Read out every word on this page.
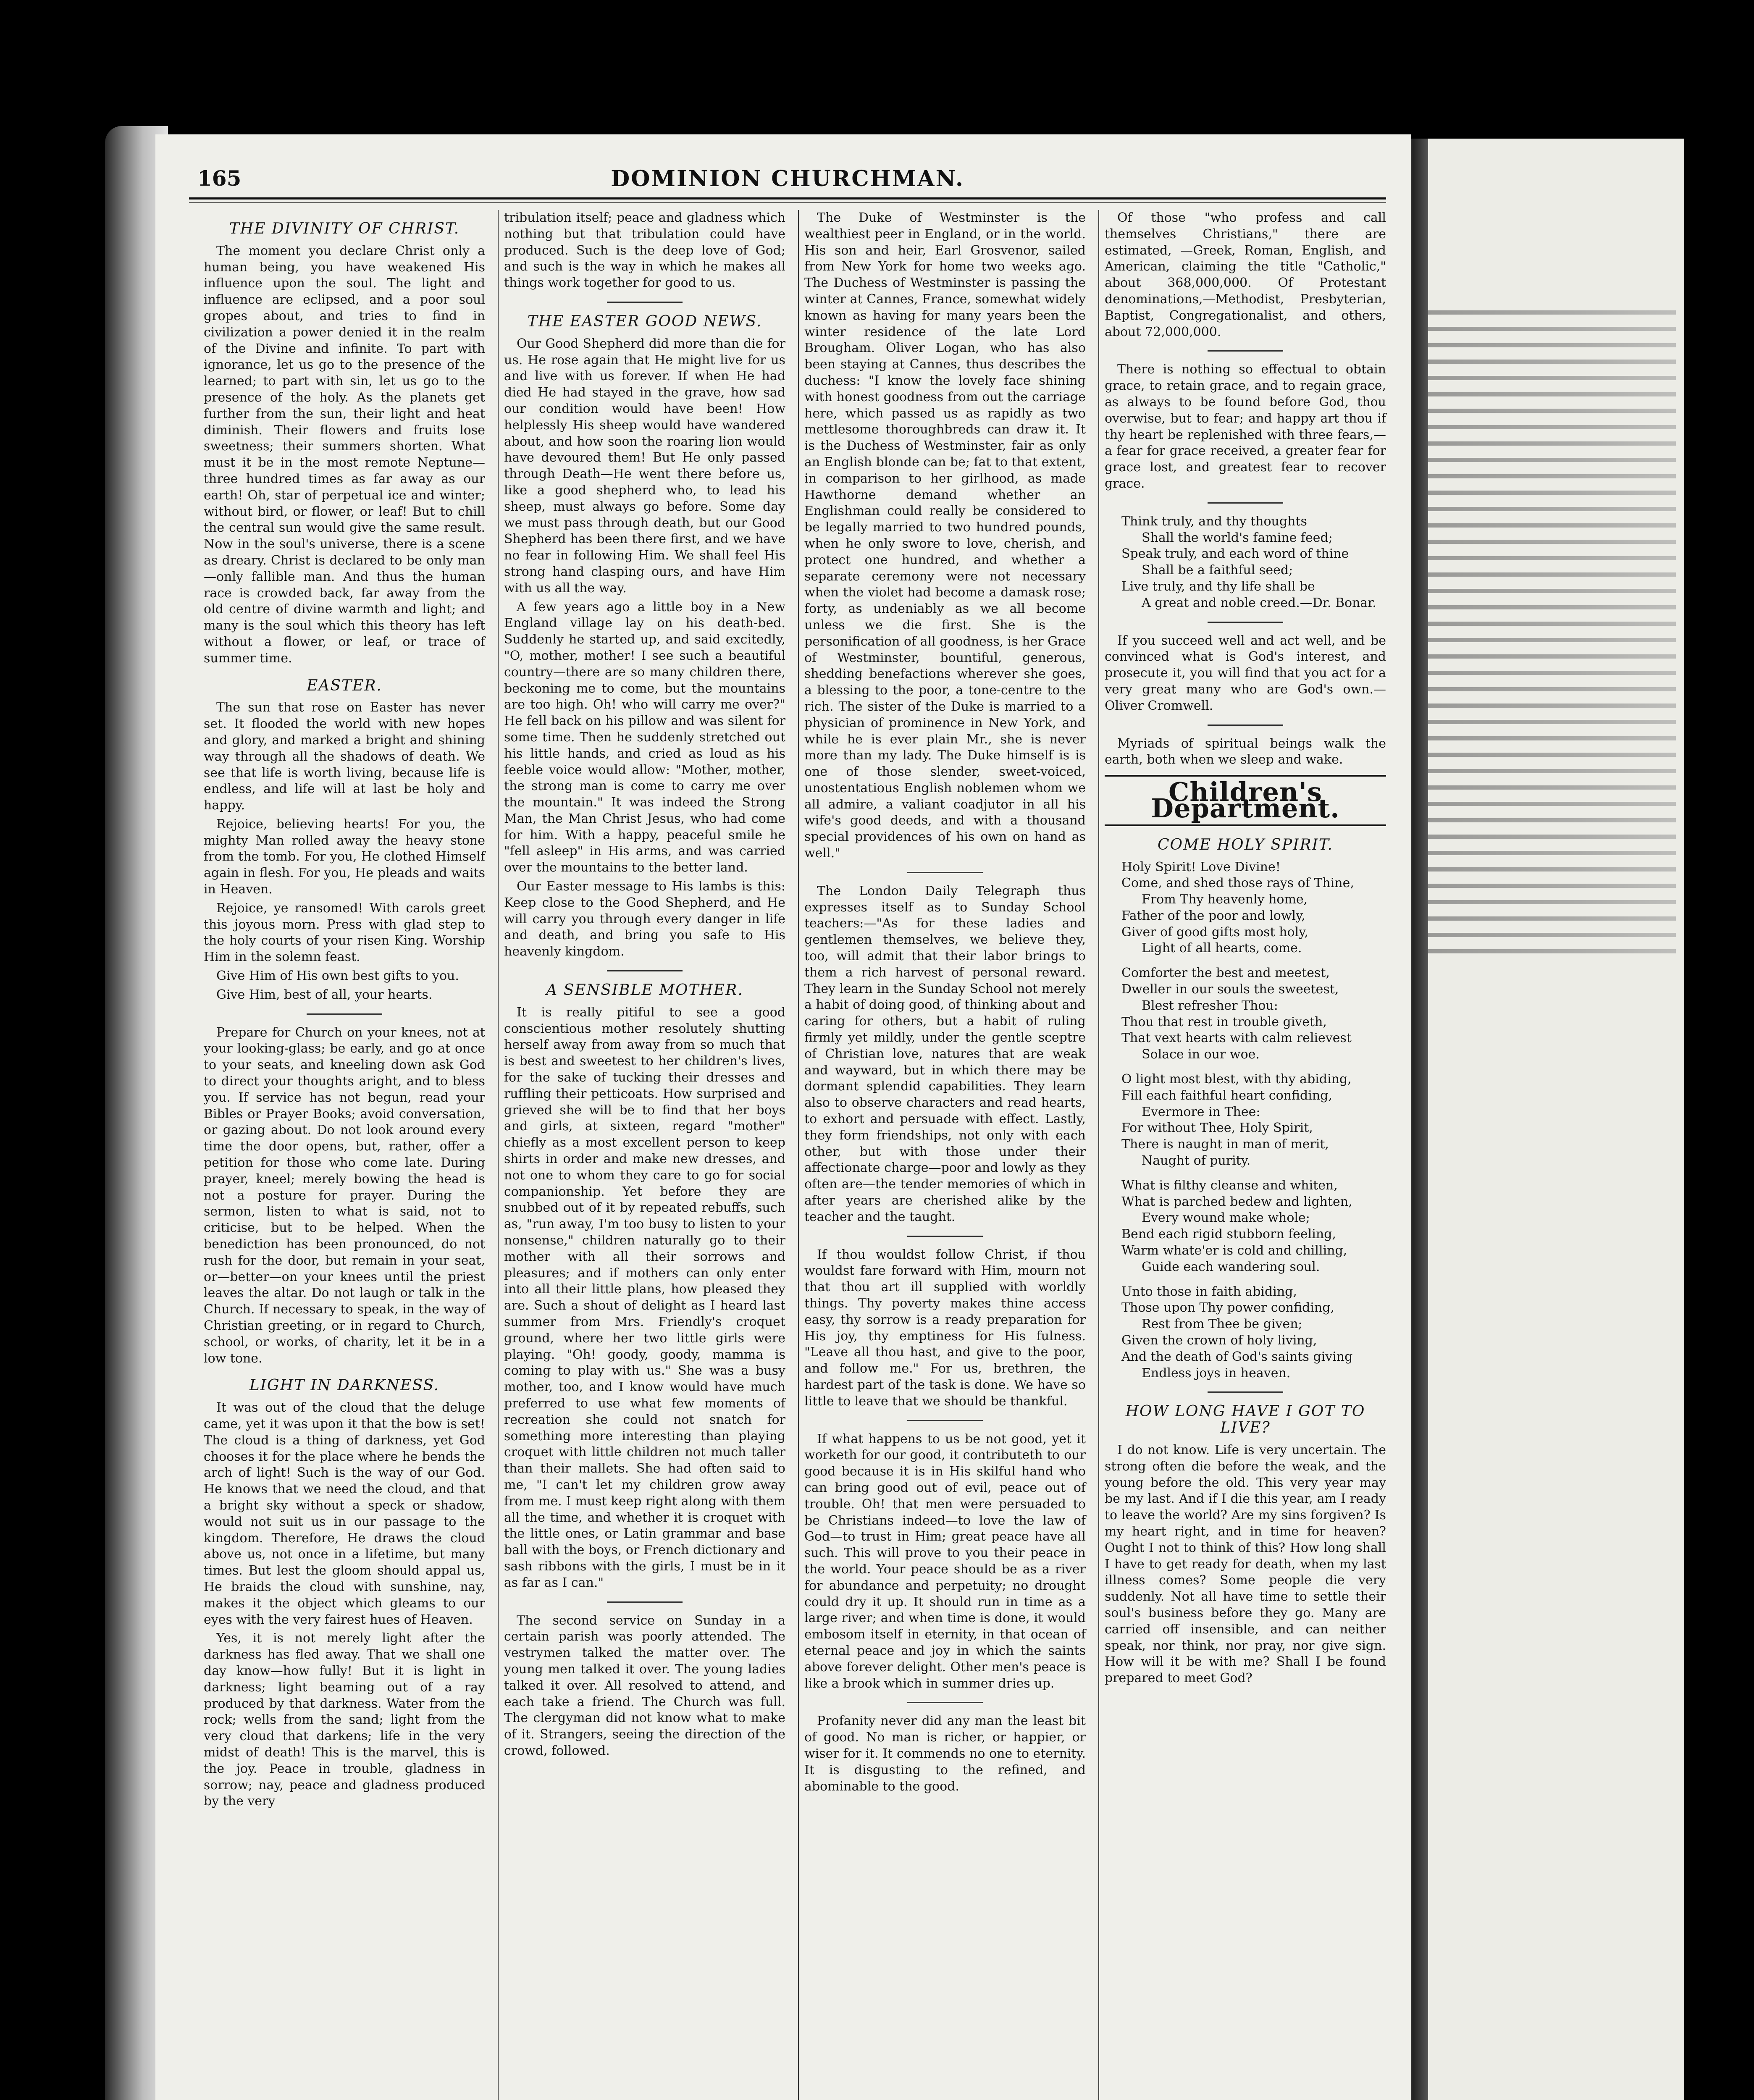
165	DOMINION CHURCHMAN.
THE DIVINITY OF CHRIST.

The moment you declare Christ only a human being, you have weakened His influence upon the soul. The light and influence are eclipsed, and a poor soul gropes about, and tries to find in civilization a power denied it in the realm of the Divine and infinite. To part with ignorance, let us go to the presence of the learned; to part with sin, let us go to the presence of the holy. As the planets get further from the sun, their light and heat diminish. Their flowers and fruits lose sweetness; their summers shorten. What must it be in the most remote Neptune—three hundred times as far away as our earth! Oh, star of perpetual ice and winter; without bird, or flower, or leaf! But to chill the central sun would give the same result. Now in the soul's universe, there is a scene as dreary. Christ is declared to be only man—only fallible man. And thus the human race is crowded back, far away from the old centre of divine warmth and light; and many is the soul which this theory has left without a flower, or leaf, or trace of summer time.

EASTER.

The sun that rose on Easter has never set. It flooded the world with new hopes and glory, and marked a bright and shining way through all the shadows of death. We see that life is worth living, because life is endless, and life will at last be holy and happy.

Rejoice, believing hearts! For you, the mighty Man rolled away the heavy stone from the tomb. For you, He clothed Himself again in flesh. For you, He pleads and waits in Heaven.

Rejoice, ye ransomed! With carols greet this joyous morn. Press with glad step to the holy courts of your risen King. Worship Him in the solemn feast.

Give Him of His own best gifts to you.

Give Him, best of all, your hearts.

Prepare for Church on your knees, not at your looking-glass; be early, and go at once to your seats, and kneeling down ask God to direct your thoughts aright, and to bless you. If service has not begun, read your Bibles or Prayer Books; avoid conversation, or gazing about. Do not look around every time the door opens, but, rather, offer a petition for those who come late. During prayer, kneel; merely bowing the head is not a posture for prayer. During the sermon, listen to what is said, not to criticise, but to be helped. When the benediction has been pronounced, do not rush for the door, but remain in your seat, or—better—on your knees until the priest leaves the altar. Do not laugh or talk in the Church. If necessary to speak, in the way of Christian greeting, or in regard to Church, school, or works, of charity, let it be in a low tone.

LIGHT IN DARKNESS.

It was out of the cloud that the deluge came, yet it was upon it that the bow is set! The cloud is a thing of darkness, yet God chooses it for the place where he bends the arch of light! Such is the way of our God. He knows that we need the cloud, and that a bright sky without a speck or shadow, would not suit us in our passage to the kingdom. Therefore, He draws the cloud above us, not once in a lifetime, but many times. But lest the gloom should appal us, He braids the cloud with sunshine, nay, makes it the object which gleams to our eyes with the very fairest hues of Heaven.

Yes, it is not merely light after the darkness has fled away. That we shall one day know—how fully! But it is light in darkness; light beaming out of a ray produced by that darkness. Water from the rock; wells from the sand; light from the very cloud that darkens; life in the very midst of death! This is the marvel, this is the joy. Peace in trouble, gladness in sorrow; nay, peace and gladness produced by the very

tribulation itself; peace and gladness which nothing but that tribulation could have produced. Such is the deep love of God; and such is the way in which he makes all things work together for good to us.

THE EASTER GOOD NEWS.

Our Good Shepherd did more than die for us. He rose again that He might live for us and live with us forever. If when He had died He had stayed in the grave, how sad our condition would have been! How helplessly His sheep would have wandered about, and how soon the roaring lion would have devoured them! But He only passed through Death—He went there before us, like a good shepherd who, to lead his sheep, must always go before. Some day we must pass through death, but our Good Shepherd has been there first, and we have no fear in following Him. We shall feel His strong hand clasping ours, and have Him with us all the way.

A few years ago a little boy in a New England village lay on his death-bed. Suddenly he started up, and said excitedly, "O, mother, mother! I see such a beautiful country—there are so many children there, beckoning me to come, but the mountains are too high. Oh! who will carry me over?" He fell back on his pillow and was silent for some time. Then he suddenly stretched out his little hands, and cried as loud as his feeble voice would allow: "Mother, mother, the strong man is come to carry me over the mountain." It was indeed the Strong Man, the Man Christ Jesus, who had come for him. With a happy, peaceful smile he "fell asleep" in His arms, and was carried over the mountains to the better land.

Our Easter message to His lambs is this: Keep close to the Good Shepherd, and He will carry you through every danger in life and death, and bring you safe to His heavenly kingdom.

A SENSIBLE MOTHER.

It is really pitiful to see a good conscientious mother resolutely shutting herself away from away from so much that is best and sweetest to her children's lives, for the sake of tucking their dresses and ruffling their petticoats. How surprised and grieved she will be to find that her boys and girls, at sixteen, regard "mother" chiefly as a most excellent person to keep shirts in order and make new dresses, and not one to whom they care to go for social companionship. Yet before they are snubbed out of it by repeated rebuffs, such as, "run away, I'm too busy to listen to your nonsense," children naturally go to their mother with all their sorrows and pleasures; and if mothers can only enter into all their little plans, how pleased they are. Such a shout of delight as I heard last summer from Mrs. Friendly's croquet ground, where her two little girls were playing. "Oh! goody, goody, mamma is coming to play with us." She was a busy mother, too, and I know would have much preferred to use what few moments of recreation she could not snatch for something more interesting than playing croquet with little children not much taller than their mallets. She had often said to me, "I can't let my children grow away from me. I must keep right along with them all the time, and whether it is croquet with the little ones, or Latin grammar and base ball with the boys, or French dictionary and sash ribbons with the girls, I must be in it as far as I can."

The second service on Sunday in a certain parish was poorly attended. The vestrymen talked the matter over. The young men talked it over. The young ladies talked it over. All resolved to attend, and each take a friend. The Church was full. The clergyman did not know what to make of it. Strangers, seeing the direction of the crowd, followed.

The Duke of Westminster is the wealthiest peer in England, or in the world. His son and heir, Earl Grosvenor, sailed from New York for home two weeks ago. The Duchess of Westminster is passing the winter at Cannes, France, somewhat widely known as having for many years been the winter residence of the late Lord Brougham. Oliver Logan, who has also been staying at Cannes, thus describes the duchess: "I know the lovely face shining with honest goodness from out the carriage here, which passed us as rapidly as two mettlesome thoroughbreds can draw it. It is the Duchess of Westminster, fair as only an English blonde can be; fat to that extent, in comparison to her girlhood, as made Hawthorne demand whether an Englishman could really be considered to be legally married to two hundred pounds, when he only swore to love, cherish, and protect one hundred, and whether a separate ceremony were not necessary when the violet had become a damask rose; forty, as undeniably as we all become unless we die first. She is the personification of all goodness, is her Grace of Westminster, bountiful, generous, shedding benefactions wherever she goes, a blessing to the poor, a tone-centre to the rich. The sister of the Duke is married to a physician of prominence in New York, and while he is ever plain Mr., she is never more than my lady. The Duke himself is is one of those slender, sweet-voiced, unostentatious English noblemen whom we all admire, a valiant coadjutor in all his wife's good deeds, and with a thousand special providences of his own on hand as well."

The London Daily Telegraph thus expresses itself as to Sunday School teachers:—"As for these ladies and gentlemen themselves, we believe they, too, will admit that their labor brings to them a rich harvest of personal reward. They learn in the Sunday School not merely a habit of doing good, of thinking about and caring for others, but a habit of ruling firmly yet mildly, under the gentle sceptre of Christian love, natures that are weak and wayward, but in which there may be dormant splendid capabilities. They learn also to observe characters and read hearts, to exhort and persuade with effect. Lastly, they form friendships, not only with each other, but with those under their affectionate charge—poor and lowly as they often are—the tender memories of which in after years are cherished alike by the teacher and the taught.

If thou wouldst follow Christ, if thou wouldst fare forward with Him, mourn not that thou art ill supplied with worldly things. Thy poverty makes thine access easy, thy sorrow is a ready preparation for His joy, thy emptiness for His fulness. "Leave all thou hast, and give to the poor, and follow me." For us, brethren, the hardest part of the task is done. We have so little to leave that we should be thankful.

If what happens to us be not good, yet it worketh for our good, it contributeth to our good because it is in His skilful hand who can bring good out of evil, peace out of trouble. Oh! that men were persuaded to be Christians indeed—to love the law of God—to trust in Him; great peace have all such. This will prove to you their peace in the world. Your peace should be as a river for abundance and perpetuity; no drought could dry it up. It should run in time as a large river; and when time is done, it would embosom itself in eternity, in that ocean of eternal peace and joy in which the saints above forever delight. Other men's peace is like a brook which in summer dries up.

Profanity never did any man the least bit of good. No man is richer, or happier, or wiser for it. It commends no one to eternity. It is disgusting to the refined, and abominable to the good.

Of those "who profess and call themselves Christians," there are estimated, —Greek, Roman, English, and American, claiming the title "Catholic," about 368,000,000. Of Protestant denominations,—Methodist, Presbyterian, Baptist, Congregationalist, and others, about 72,000,000.

There is nothing so effectual to obtain grace, to retain grace, and to regain grace, as always to be found before God, thou overwise, but to fear; and happy art thou if thy heart be replenished with three fears,—a fear for grace received, a greater fear for grace lost, and greatest fear to recover grace.

Think truly, and thy thoughts
Shall the world's famine feed;
Speak truly, and each word of thine
Shall be a faithful seed;
Live truly, and thy life shall be
A great and noble creed.—Dr. Bonar.

If you succeed well and act well, and be convinced what is God's interest, and prosecute it, you will find that you act for a very great many who are God's own.—Oliver Cromwell.

Myriads of spiritual beings walk the earth, both when we sleep and wake.

Children's Department.
COME HOLY SPIRIT.
Holy Spirit! Love Divine!
Come, and shed those rays of Thine,
From Thy heavenly home,
Father of the poor and lowly,
Giver of good gifts most holy,
Light of all hearts, come.
Comforter the best and meetest,
Dweller in our souls the sweetest,
Blest refresher Thou:
Thou that rest in trouble giveth,
That vext hearts with calm relievest
Solace in our woe.
O light most blest, with thy abiding,
Fill each faithful heart confiding,
Evermore in Thee:
For without Thee, Holy Spirit,
There is naught in man of merit,
Naught of purity.
What is filthy cleanse and whiten,
What is parched bedew and lighten,
Every wound make whole;
Bend each rigid stubborn feeling,
Warm whate'er is cold and chilling,
Guide each wandering soul.
Unto those in faith abiding,
Those upon Thy power confiding,
Rest from Thee be given;
Given the crown of holy living,
And the death of God's saints giving
Endless joys in heaven.
HOW LONG HAVE I GOT TO LIVE?

I do not know. Life is very uncertain. The strong often die before the weak, and the young before the old. This very year may be my last. And if I die this year, am I ready to leave the world? Are my sins forgiven? Is my heart right, and in time for heaven? Ought I not to think of this? How long shall I have to get ready for death, when my last illness comes? Some people die very suddenly. Not all have time to settle their soul's business before they go. Many are carried off insensible, and can neither speak, nor think, nor pray, nor give sign. How will it be with me? Shall I be found prepared to meet God?
